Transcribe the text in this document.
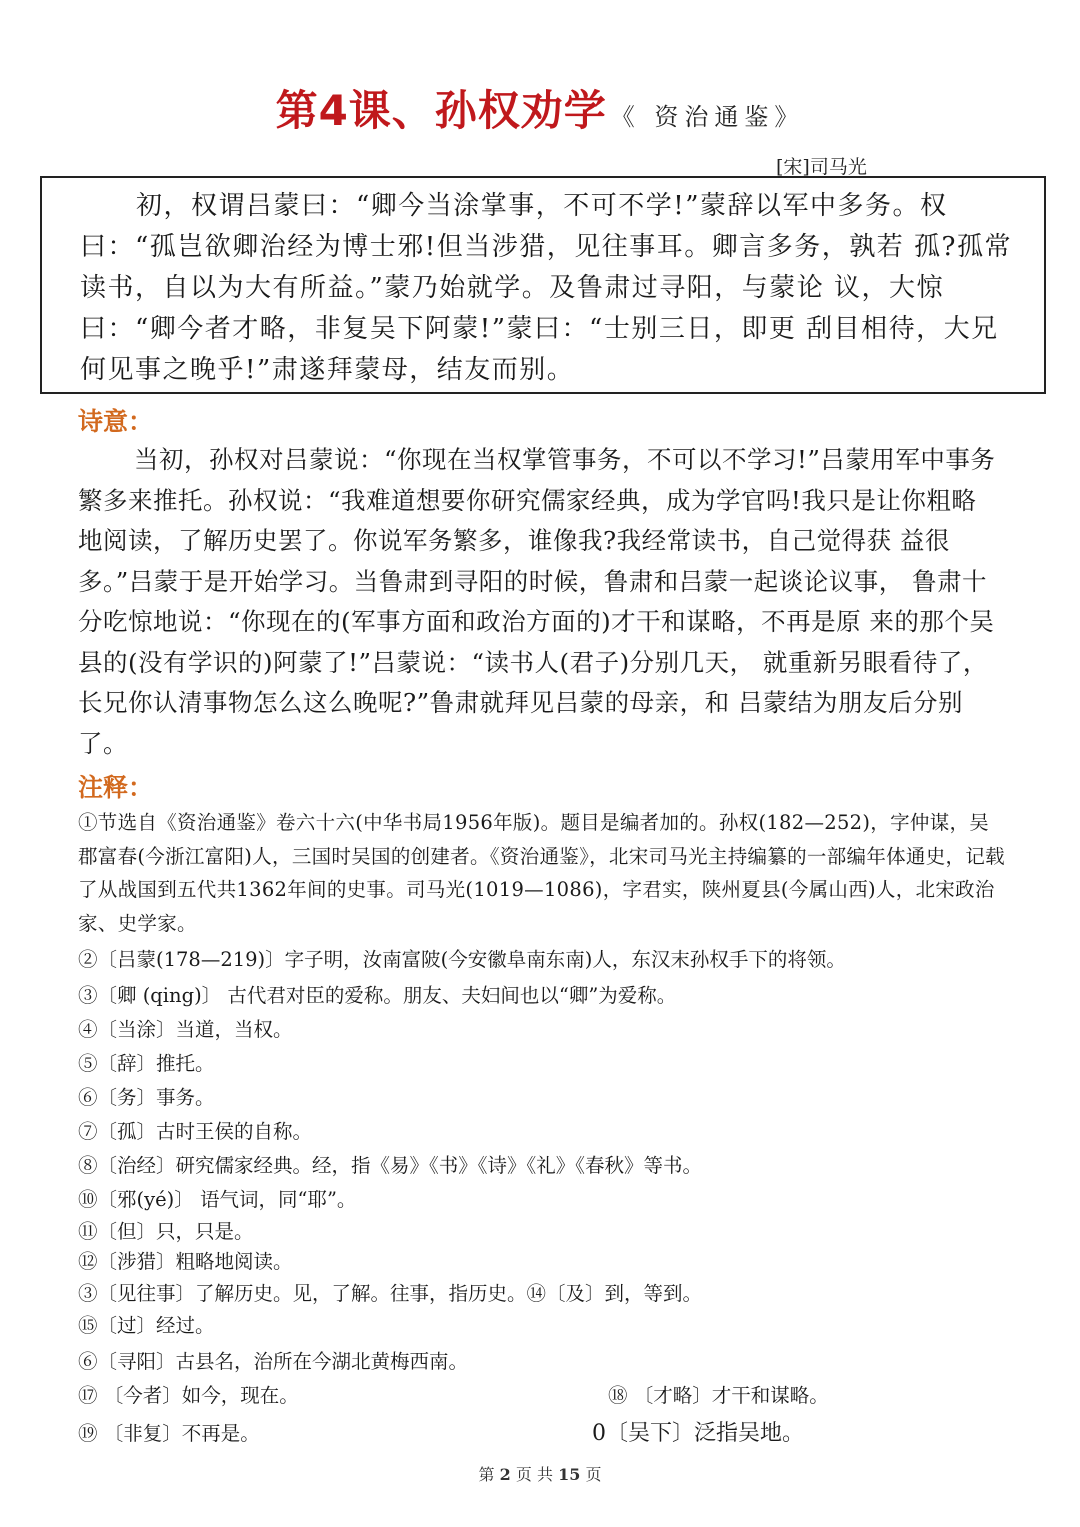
第4课、孙权劝学 《 资治通鉴》
[宋]司马光

初，权谓吕蒙曰：“卿今当涂掌事，不可不学!”蒙辞以军中多务。权曰：“孤岂欲卿治经为博士邪!但当涉猎，见往事耳。卿言多务，孰若 孤?孤常读书，自以为大有所益。”蒙乃始就学。及鲁肃过寻阳，与蒙论 议，大惊曰：“卿今者才略，非复吴下阿蒙!”蒙曰：“士别三日，即更 刮目相待，大兄何见事之晚乎!”肃遂拜蒙母，结友而别。

诗意：

当初，孙权对吕蒙说：“你现在当权掌管事务，不可以不学习!”吕蒙用军中事务繁多来推托。孙权说：“我难道想要你研究儒家经典，成为学官吗!我只是让你粗略地阅读，了解历史罢了。你说军务繁多，谁像我?我经常读书，自己觉得获 益很多。”吕蒙于是开始学习。当鲁肃到寻阳的时候，鲁肃和吕蒙一起谈论议事， 鲁肃十分吃惊地说：“你现在的(军事方面和政治方面的)才干和谋略，不再是原 来的那个吴县的(没有学识的)阿蒙了!”吕蒙说：“读书人(君子)分别几天， 就重新另眼看待了，长兄你认清事物怎么这么晚呢?”鲁肃就拜见吕蒙的母亲，和 吕蒙结为朋友后分别了。

注释：
①节选自《资治通鉴》卷六十六(中华书局1956年版)。题目是编者加的。孙权(182—252)，字仲谋，吴郡富春(今浙江富阳)人，三国时吴国的创建者。《资治通鉴》，北宋司马光主持编纂的一部编年体通史，记载了从战国到五代共1362年间的史事。司马光(1019—1086)，字君实，陕州夏县(今属山西)人，北宋政治家、史学家。
②〔吕蒙(178—219)〕字子明，汝南富陂(今安徽阜南东南)人，东汉末孙权手下的将领。
③〔卿 (qing)〕 古代君对臣的爱称。朋友、夫妇间也以“卿”为爱称。
④〔当涂〕当道，当权。
⑤〔辞〕推托。
⑥〔务〕事务。
⑦〔孤〕古时王侯的自称。
⑧〔治经〕研究儒家经典。经，指《易》《书》《诗》《礼》《春秋》等书。
⑩〔邪(yé)〕 语气词，同“耶”。
⑪〔但〕只，只是。
⑫〔涉猎〕粗略地阅读。
③〔见往事〕了解历史。见，了解。往事，指历史。⑭〔及〕到，等到。
⑮〔过〕经过。
⑥〔寻阳〕古县名，治所在今湖北黄梅西南。
⑰ 〔今者〕如今，现在。	⑱ 〔才略〕才干和谋略。
⑲ 〔非复〕不再是。	0〔吴下〕泛指吴地。
第 2 页 共 15 页
